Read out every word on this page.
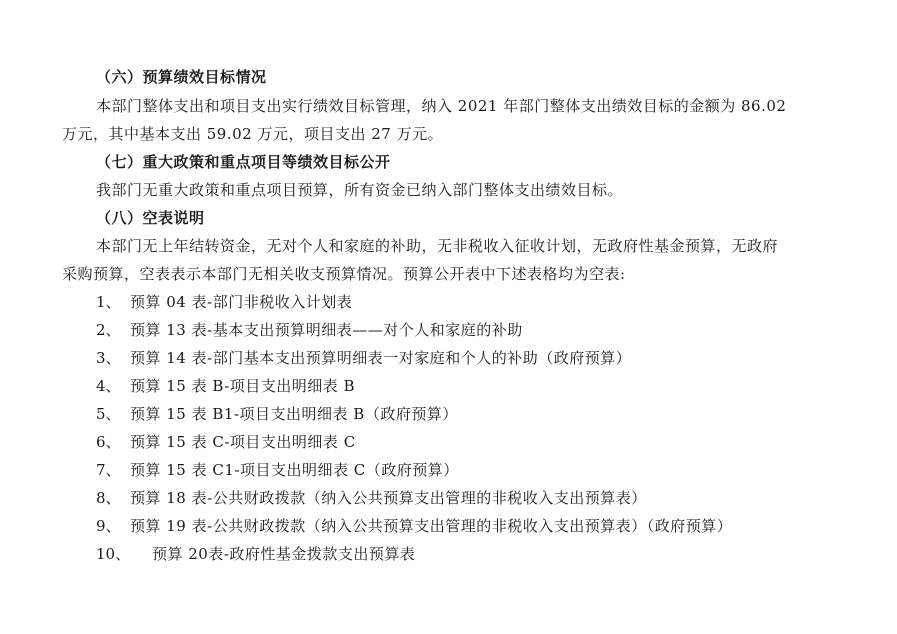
（六）预算绩效目标情况
本部门整体支出和项目支出实行绩效目标管理，纳入 2021 年部门整体支出绩效目标的金额为 86.02
万元，其中基本支出 59.02 万元，项目支出 27 万元。
（七）重大政策和重点项目等绩效目标公开
我部门无重大政策和重点项目预算，所有资金已纳入部门整体支出绩效目标。
（八）空表说明
本部门无上年结转资金，无对个人和家庭的补助，无非税收入征收计划，无政府性基金预算，无政府
采购预算，空表表示本部门无相关收支预算情况。预算公开表中下述表格均为空表:
1、 预算 04 表-部门非税收入计划表
2、 预算 13 表-基本支出预算明细表——对个人和家庭的补助
3、 预算 14 表-部门基本支出预算明细表一对家庭和个人的补助（政府预算）
4、 预算 15 表 B-项目支出明细表 B
5、 预算 15 表 B1-项目支出明细表 B（政府预算）
6、 预算 15 表 C-项目支出明细表 C
7、 预算 15 表 C1-项目支出明细表 C（政府预算）
8、 预算 18 表-公共财政拨款（纳入公共预算支出管理的非税收入支出预算表）
9、 预算 19 表-公共财政拨款（纳入公共预算支出管理的非税收入支出预算表）（政府预算）
10、 预算 20表-政府性基金拨款支出预算表
